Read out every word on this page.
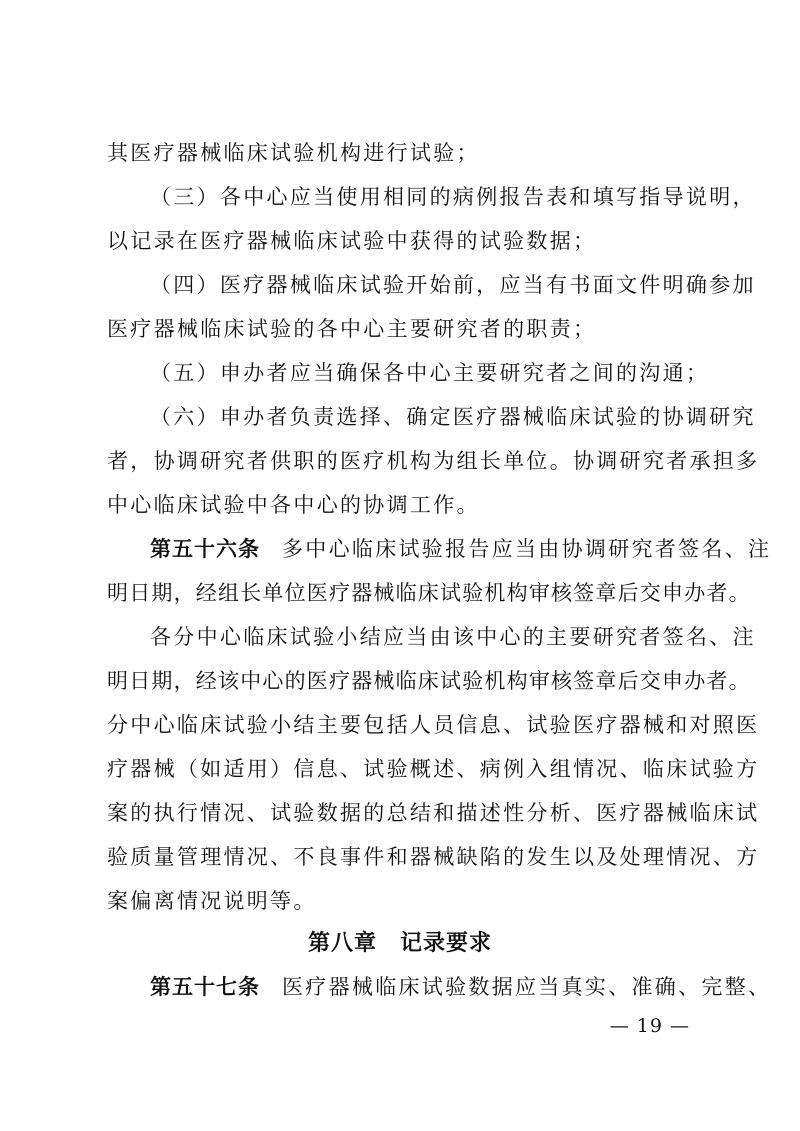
其医疗器械临床试验机构进行试验；
（三）各中心应当使用相同的病例报告表和填写指导说明，
以记录在医疗器械临床试验中获得的试验数据；
（四）医疗器械临床试验开始前，应当有书面文件明确参加
医疗器械临床试验的各中心主要研究者的职责；
（五）申办者应当确保各中心主要研究者之间的沟通；
（六）申办者负责选择、确定医疗器械临床试验的协调研究
者，协调研究者供职的医疗机构为组长单位。协调研究者承担多
中心临床试验中各中心的协调工作。
第五十六条 多中心临床试验报告应当由协调研究者签名、注
明日期，经组长单位医疗器械临床试验机构审核签章后交申办者。
各分中心临床试验小结应当由该中心的主要研究者签名、注
明日期，经该中心的医疗器械临床试验机构审核签章后交申办者。
分中心临床试验小结主要包括人员信息、试验医疗器械和对照医
疗器械（如适用）信息、试验概述、病例入组情况、临床试验方
案的执行情况、试验数据的总结和描述性分析、医疗器械临床试
验质量管理情况、不良事件和器械缺陷的发生以及处理情况、方
案偏离情况说明等。
第八章　记录要求
第五十七条 医疗器械临床试验数据应当真实、准确、完整、
— 19 —
